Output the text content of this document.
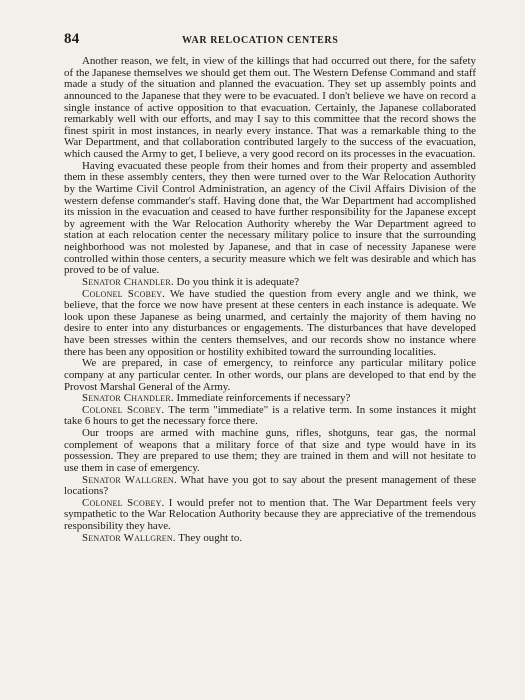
84	WAR RELOCATION CENTERS

Another reason, we felt, in view of the killings that had occurred out there, for the safety of the Japanese themselves we should get them out. The Western Defense Command and staff made a study of the situation and planned the evacuation. They set up assembly points and announced to the Japanese that they were to be evacuated. I don't believe we have on record a single instance of active opposition to that evacuation. Certainly, the Japanese collaborated remarkably well with our efforts, and may I say to this committee that the record shows the finest spirit in most instances, in nearly every instance. That was a remarkable thing to the War Department, and that collaboration contributed largely to the success of the evacuation, which caused the Army to get, I believe, a very good record on its processes in the evacuation.

Having evacuated these people from their homes and from their property and assembled them in these assembly centers, they then were turned over to the War Relocation Authority by the Wartime Civil Control Administration, an agency of the Civil Affairs Division of the western defense commander's staff. Having done that, the War Department had accomplished its mission in the evacuation and ceased to have further responsibility for the Japanese except by agreement with the War Relocation Authority whereby the War Department agreed to station at each relocation center the necessary military police to insure that the surrounding neighborhood was not molested by Japanese, and that in case of necessity Japanese were controlled within those centers, a security measure which we felt was desirable and which has proved to be of value.

Senator Chandler. Do you think it is adequate?

Colonel Scobey. We have studied the question from every angle and we think, we believe, that the force we now have present at these centers in each instance is adequate. We look upon these Japanese as being unarmed, and certainly the majority of them having no desire to enter into any disturbances or engagements. The disturbances that have developed have been stresses within the centers themselves, and our records show no instance where there has been any opposition or hostility exhibited toward the surrounding localities.

We are prepared, in case of emergency, to reinforce any particular military police company at any particular center. In other words, our plans are developed to that end by the Provost Marshal General of the Army.

Senator Chandler. Immediate reinforcements if necessary?

Colonel Scobey. The term "immediate" is a relative term. In some instances it might take 6 hours to get the necessary force there.

Our troops are armed with machine guns, rifles, shotguns, tear gas, the normal complement of weapons that a military force of that size and type would have in its possession. They are prepared to use them; they are trained in them and will not hesitate to use them in case of emergency.

Senator Wallgren. What have you got to say about the present management of these locations?

Colonel Scobey. I would prefer not to mention that. The War Department feels very sympathetic to the War Relocation Authority because they are appreciative of the tremendous responsibility they have.

Senator Wallgren. They ought to.
